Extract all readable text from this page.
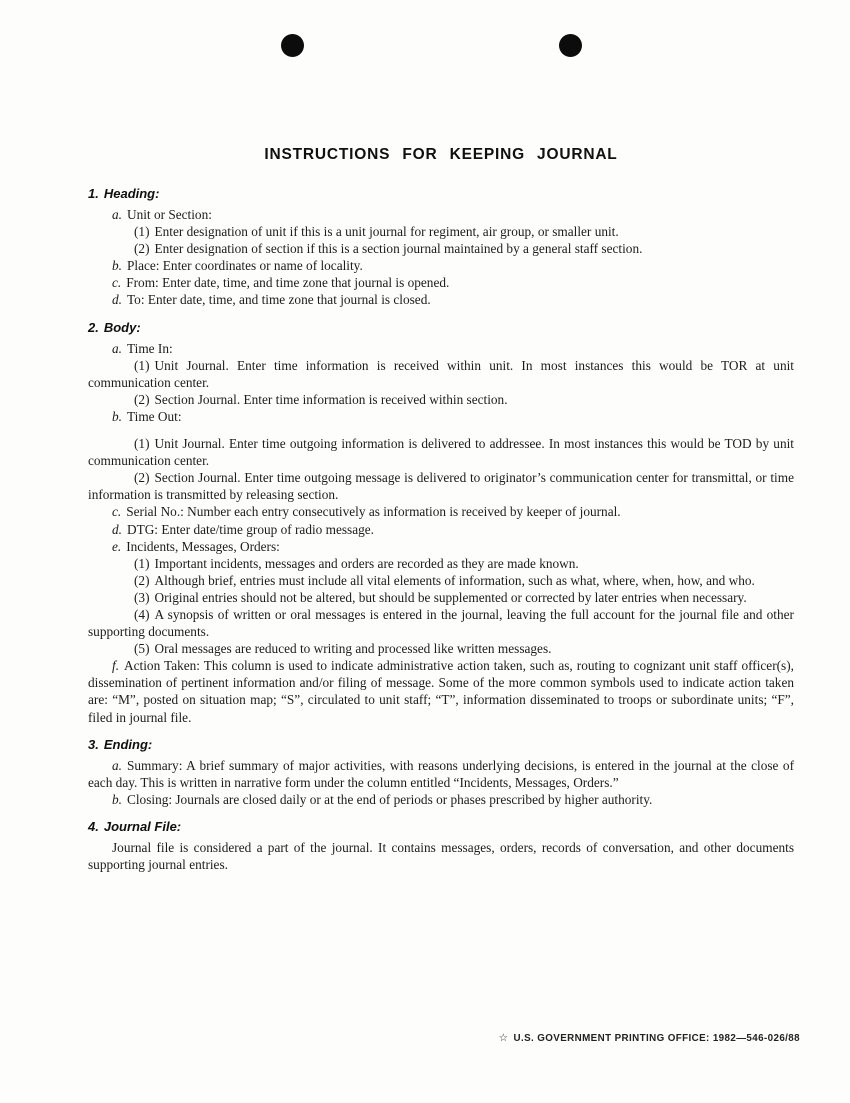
INSTRUCTIONS FOR KEEPING JOURNAL
1. Heading:

a. Unit or Section:

(1) Enter designation of unit if this is a unit journal for regiment, air group, or smaller unit.

(2) Enter designation of section if this is a section journal maintained by a general staff section.

b. Place: Enter coordinates or name of locality.

c. From: Enter date, time, and time zone that journal is opened.

d. To: Enter date, time, and time zone that journal is closed.

2. Body:

a. Time In:

(1) Unit Journal. Enter time information is received within unit. In most instances this would be TOR at unit communication center.

(2) Section Journal. Enter time information is received within section.

b. Time Out:

(1) Unit Journal. Enter time outgoing information is delivered to addressee. In most instances this would be TOD by unit communication center.

(2) Section Journal. Enter time outgoing message is delivered to originator’s communication center for transmittal, or time information is transmitted by releasing section.

c. Serial No.: Number each entry consecutively as information is received by keeper of journal.

d. DTG: Enter date/time group of radio message.

e. Incidents, Messages, Orders:

(1) Important incidents, messages and orders are recorded as they are made known.

(2) Although brief, entries must include all vital elements of information, such as what, where, when, how, and who.

(3) Original entries should not be altered, but should be supplemented or corrected by later entries when necessary.

(4) A synopsis of written or oral messages is entered in the journal, leaving the full account for the journal file and other supporting documents.

(5) Oral messages are reduced to writing and processed like written messages.

f. Action Taken: This column is used to indicate administrative action taken, such as, routing to cognizant unit staff officer(s), dissemination of pertinent information and/or filing of message. Some of the more common symbols used to indicate action taken are: “M”, posted on situation map; “S”, circulated to unit staff; “T”, information disseminated to troops or subordinate units; “F”, filed in journal file.

3. Ending:

a. Summary: A brief summary of major activities, with reasons underlying decisions, is entered in the journal at the close of each day. This is written in narrative form under the column entitled “Incidents, Messages, Orders.”

b. Closing: Journals are closed daily or at the end of periods or phases prescribed by higher authority.

4. Journal File:

Journal file is considered a part of the journal. It contains messages, orders, records of conversation, and other documents supporting journal entries.

☆ U.S. GOVERNMENT PRINTING OFFICE: 1982—546-026/88
